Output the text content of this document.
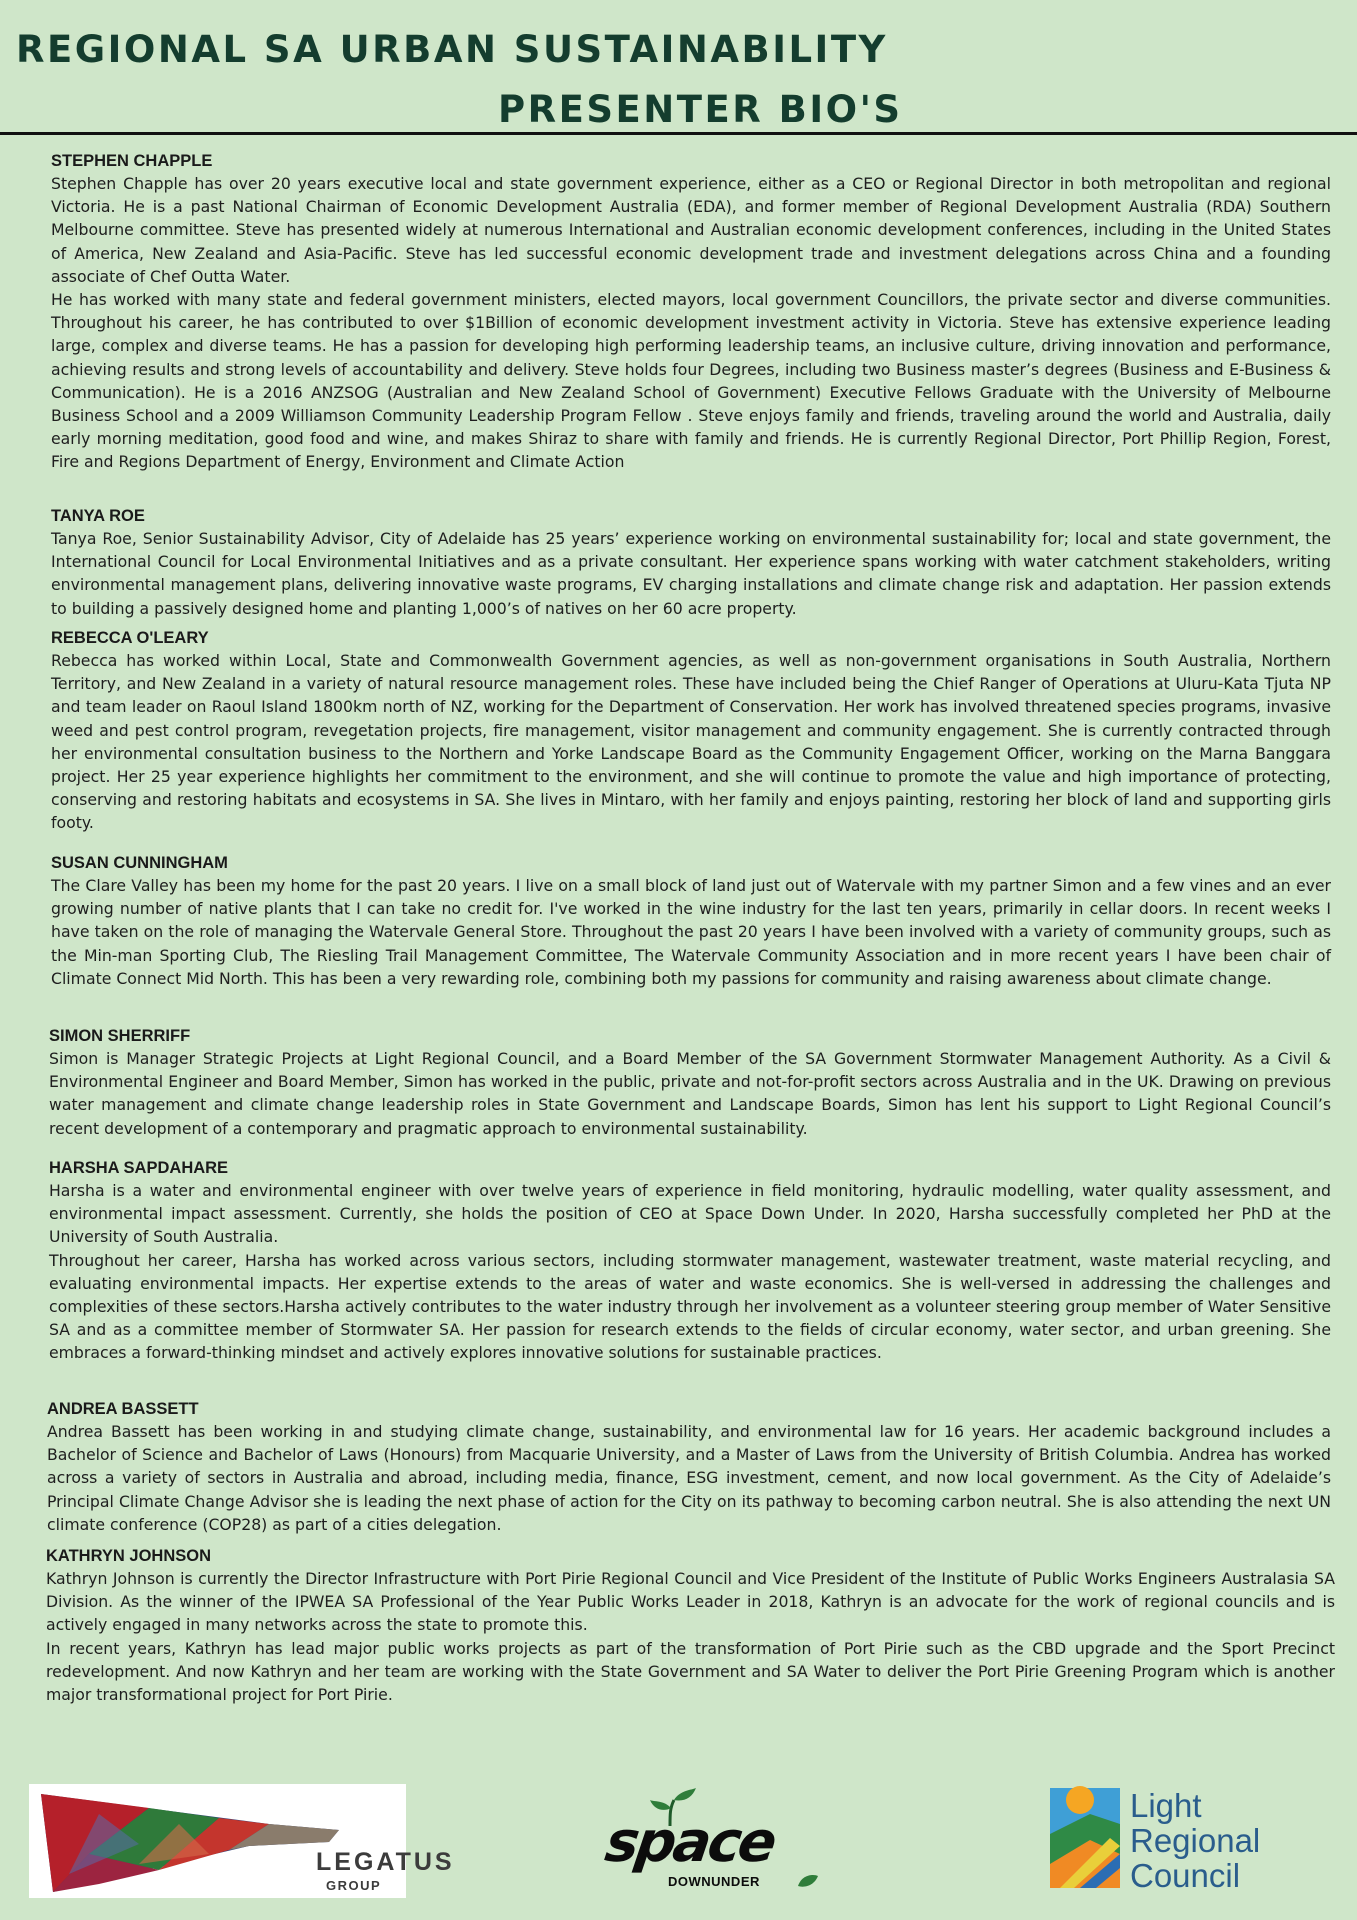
REGIONAL SA URBAN SUSTAINABILITY
PRESENTER BIO'S
STEPHEN CHAPPLE

Stephen Chapple has over 20 years executive local and state government experience, either as a CEO or Regional Director in both metropolitan and regional Victoria. He is a past National Chairman of Economic Development Australia (EDA), and former member of Regional Development Australia (RDA) Southern Melbourne committee. Steve has presented widely at numerous International and Australian economic development conferences, including in the United States of America, New Zealand and Asia-Pacific. Steve has led successful economic development trade and investment delegations across China and a founding associate of Chef Outta Water.

He has worked with many state and federal government ministers, elected mayors, local government Councillors, the private sector and diverse communities. Throughout his career, he has contributed to over $1Billion of economic development investment activity in Victoria. Steve has extensive experience leading large, complex and diverse teams. He has a passion for developing high performing leadership teams, an inclusive culture, driving innovation and performance, achieving results and strong levels of accountability and delivery. Steve holds four Degrees, including two Business master’s degrees (Business and E-Business & Communication). He is a 2016 ANZSOG (Australian and New Zealand School of Government) Executive Fellows Graduate with the University of Melbourne Business School and a 2009 Williamson Community Leadership Program Fellow . Steve enjoys family and friends, traveling around the world and Australia, daily early morning meditation, good food and wine, and makes Shiraz to share with family and friends. He is currently Regional Director, Port Phillip Region, Forest, Fire and Regions Department of Energy, Environment and Climate Action

TANYA ROE

Tanya Roe, Senior Sustainability Advisor, City of Adelaide has 25 years’ experience working on environmental sustainability for; local and state government, the International Council for Local Environmental Initiatives and as a private consultant. Her experience spans working with water catchment stakeholders, writing environmental management plans, delivering innovative waste programs, EV charging installations and climate change risk and adaptation. Her passion extends to building a passively designed home and planting 1,000’s of natives on her 60 acre property.

REBECCA O'LEARY

Rebecca has worked within Local, State and Commonwealth Government agencies, as well as non-government organisations in South Australia, Northern Territory, and New Zealand in a variety of natural resource management roles. These have included being the Chief Ranger of Operations at Uluru-Kata Tjuta NP and team leader on Raoul Island 1800km north of NZ, working for the Department of Conservation. Her work has involved threatened species programs, invasive weed and pest control program, revegetation projects, fire management, visitor management and community engagement. She is currently contracted through her environmental consultation business to the Northern and Yorke Landscape Board as the Community Engagement Officer, working on the Marna Banggara project. Her 25 year experience highlights her commitment to the environment, and she will continue to promote the value and high importance of protecting, conserving and restoring habitats and ecosystems in SA. She lives in Mintaro, with her family and enjoys painting, restoring her block of land and supporting girls footy.

SUSAN CUNNINGHAM

The Clare Valley has been my home for the past 20 years. I live on a small block of land just out of Watervale with my partner Simon and a few vines and an ever growing number of native plants that I can take no credit for. I've worked in the wine industry for the last ten years, primarily in cellar doors. In recent weeks I have taken on the role of managing the Watervale General Store. Throughout the past 20 years I have been involved with a variety of community groups, such as the Min-man Sporting Club, The Riesling Trail Management Committee, The Watervale Community Association and in more recent years I have been chair of Climate Connect Mid North. This has been a very rewarding role, combining both my passions for community and raising awareness about climate change.

SIMON SHERRIFF

Simon is Manager Strategic Projects at Light Regional Council, and a Board Member of the SA Government Stormwater Management Authority. As a Civil & Environmental Engineer and Board Member, Simon has worked in the public, private and not-for-profit sectors across Australia and in the UK. Drawing on previous water management and climate change leadership roles in State Government and Landscape Boards, Simon has lent his support to Light Regional Council’s recent development of a contemporary and pragmatic approach to environmental sustainability.

HARSHA SAPDAHARE

Harsha is a water and environmental engineer with over twelve years of experience in field monitoring, hydraulic modelling, water quality assessment, and environmental impact assessment. Currently, she holds the position of CEO at Space Down Under. In 2020, Harsha successfully completed her PhD at the University of South Australia.

Throughout her career, Harsha has worked across various sectors, including stormwater management, wastewater treatment, waste material recycling, and evaluating environmental impacts. Her expertise extends to the areas of water and waste economics. She is well-versed in addressing the challenges and complexities of these sectors.Harsha actively contributes to the water industry through her involvement as a volunteer steering group member of Water Sensitive SA and as a committee member of Stormwater SA. Her passion for research extends to the fields of circular economy, water sector, and urban greening. She embraces a forward-thinking mindset and actively explores innovative solutions for sustainable practices.

ANDREA BASSETT

Andrea Bassett has been working in and studying climate change, sustainability, and environmental law for 16 years. Her academic background includes a Bachelor of Science and Bachelor of Laws (Honours) from Macquarie University, and a Master of Laws from the University of British Columbia. Andrea has worked across a variety of sectors in Australia and abroad, including media, finance, ESG investment, cement, and now local government. As the City of Adelaide’s Principal Climate Change Advisor she is leading the next phase of action for the City on its pathway to becoming carbon neutral. She is also attending the next UN climate conference (COP28) as part of a cities delegation.

KATHRYN JOHNSON

Kathryn Johnson is currently the Director Infrastructure with Port Pirie Regional Council and Vice President of the Institute of Public Works Engineers Australasia SA Division. As the winner of the IPWEA SA Professional of the Year Public Works Leader in 2018, Kathryn is an advocate for the work of regional councils and is actively engaged in many networks across the state to promote this.

In recent years, Kathryn has lead major public works projects as part of the transformation of Port Pirie such as the CBD upgrade and the Sport Precinct redevelopment. And now Kathryn and her team are working with the State Government and SA Water to deliver the Port Pirie Greening Program which is another major transformational project for Port Pirie.

LEGATUS
GROUP
space
DOWNUNDER
Light
Regional
Council
